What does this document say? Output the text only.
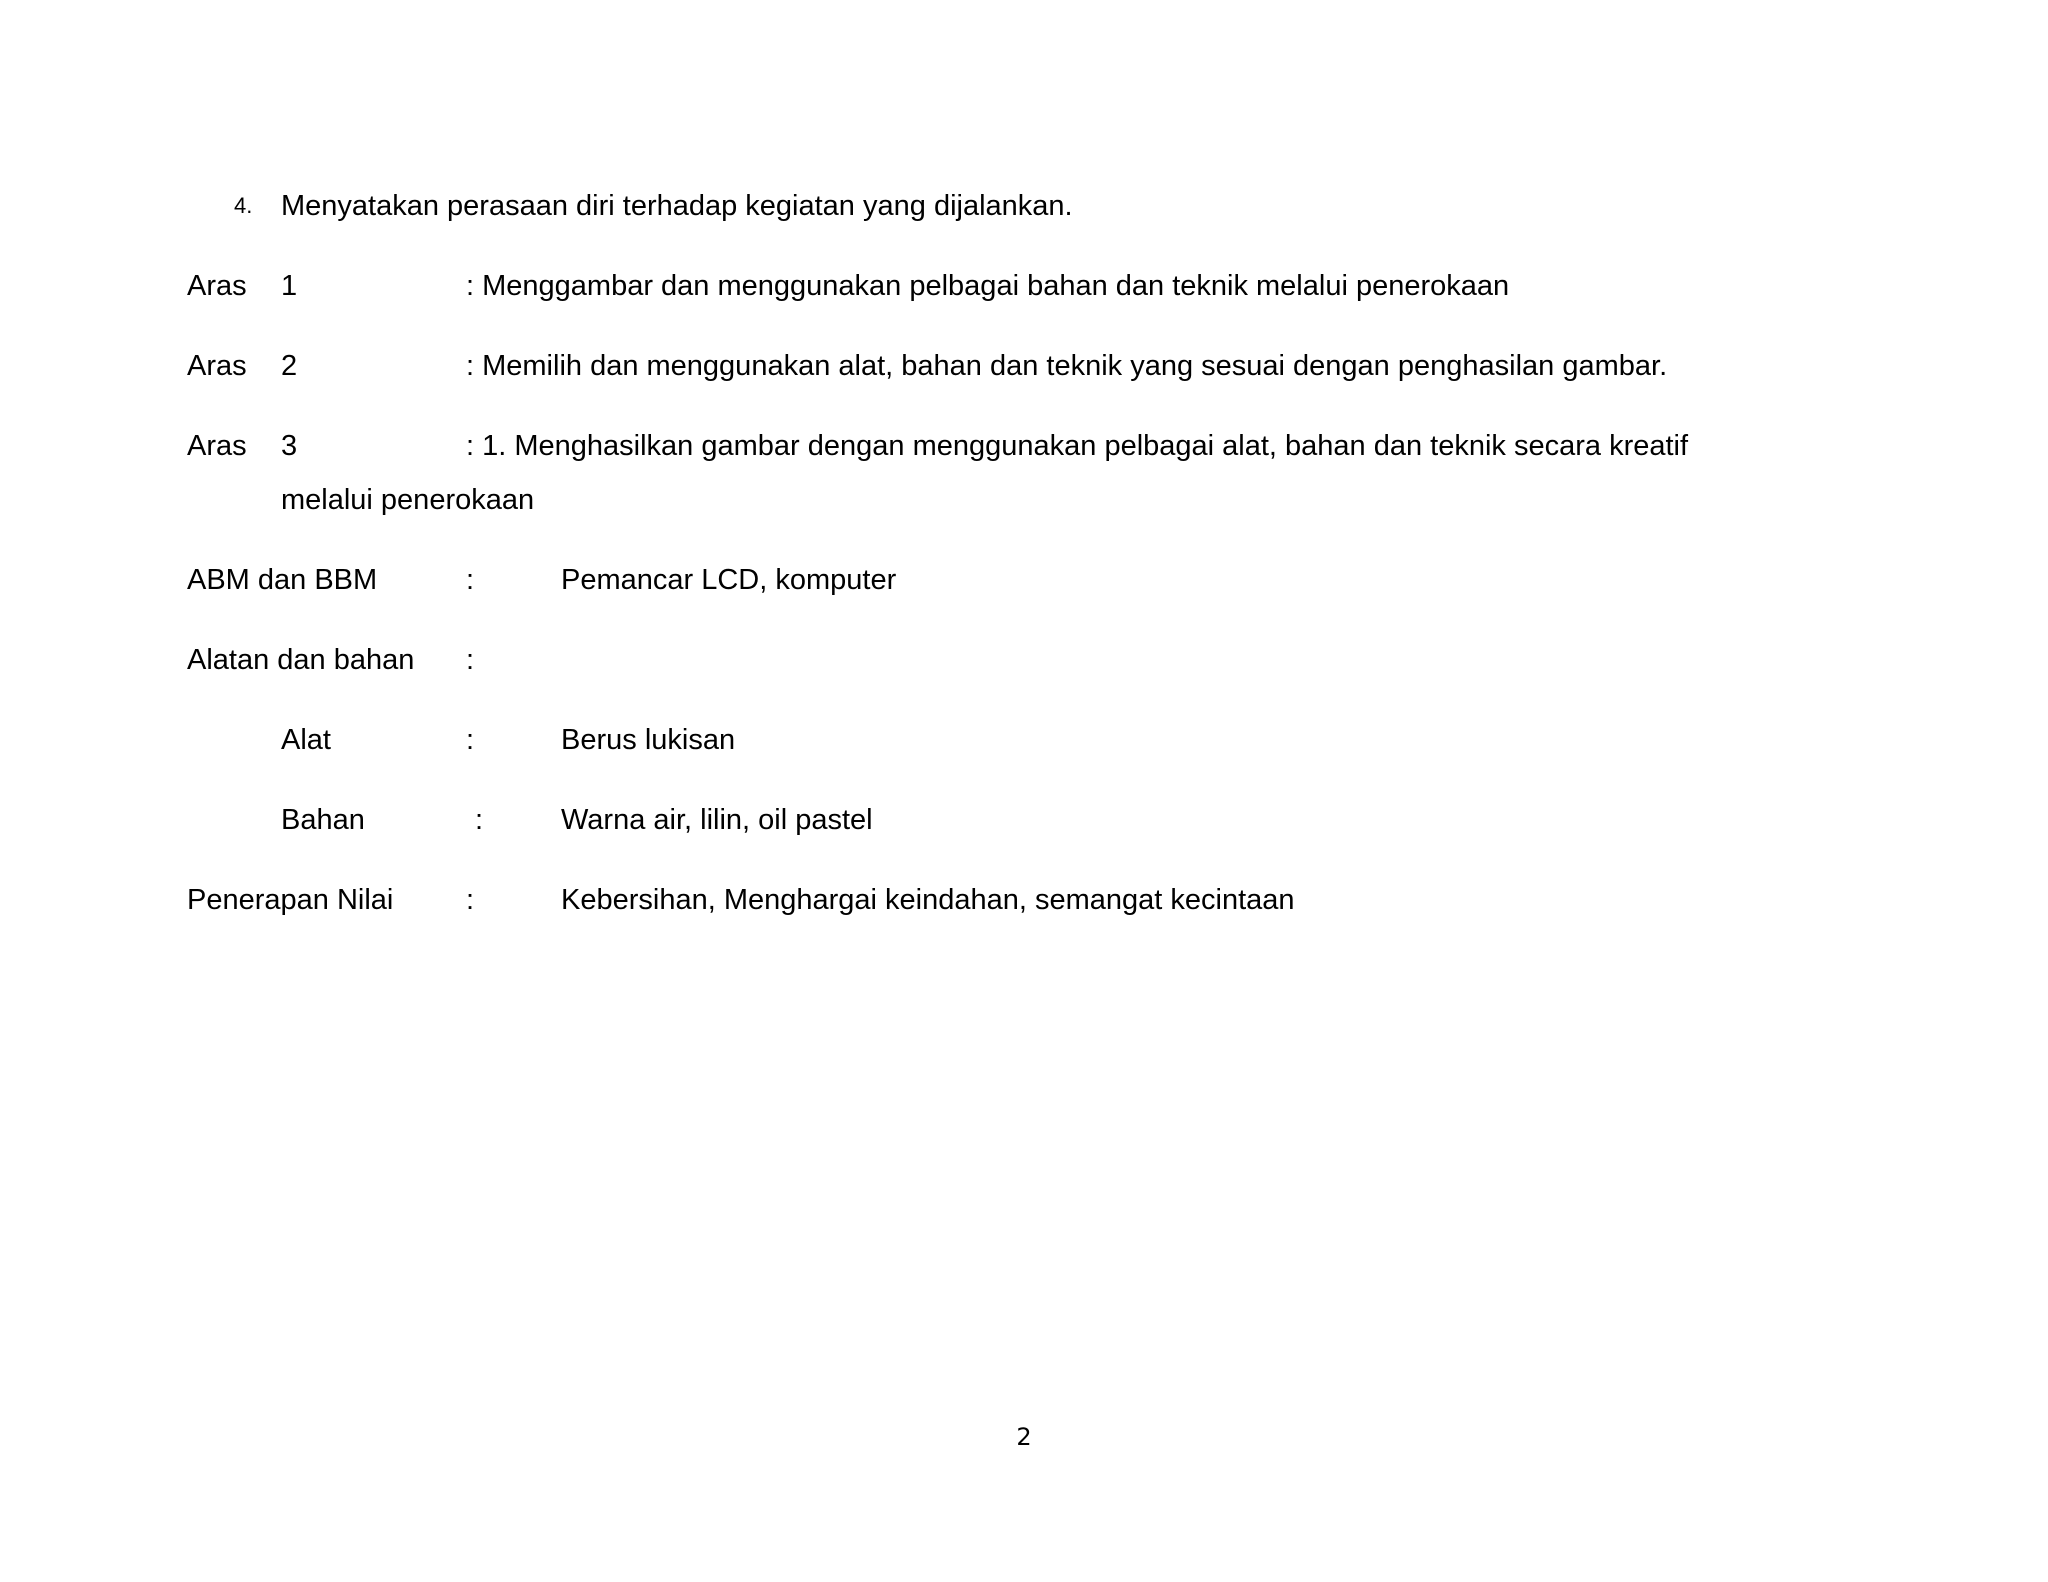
4. Menyatakan perasaan diri terhadap kegiatan yang dijalankan.
Aras 1	: Menggambar dan menggunakan pelbagai bahan dan teknik melalui penerokaan
Aras 2	: Memilih dan menggunakan alat, bahan dan teknik yang sesuai dengan penghasilan gambar.
Aras 3	: 1. Menghasilkan gambar dengan menggunakan pelbagai alat, bahan dan teknik secara kreatif
melalui penerokaan
ABM dan BBM	:	Pemancar LCD, komputer
Alatan dan bahan :
Alat	:	Berus lukisan
Bahan	:	Warna air, lilin, oil pastel
Penerapan Nilai	:	Kebersihan, Menghargai keindahan, semangat kecintaan
2
